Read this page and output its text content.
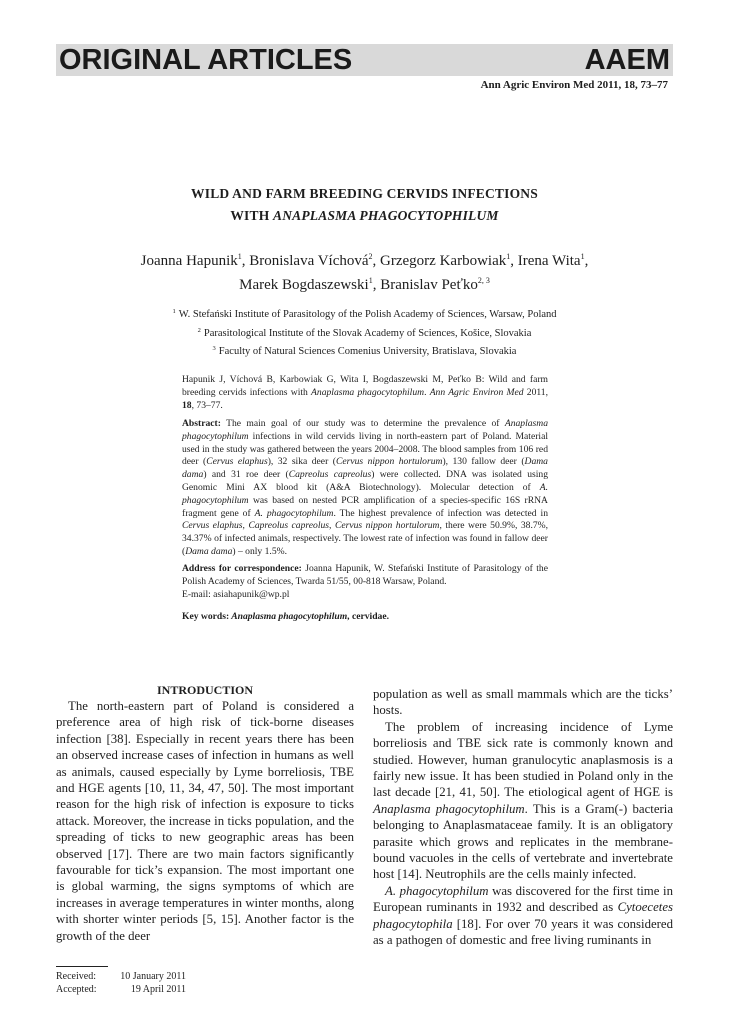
ORIGINAL ARTICLES	AAEM
Ann Agric Environ Med 2011, 18, 73–77
WILD AND FARM BREEDING CERVIDS INFECTIONS
WITH ANAPLASMA PHAGOCYTOPHILUM
Joanna Hapunik$^1$, Bronislava Víchová$^2$, Grzegorz Karbowiak$^1$, Irena Wita$^1$,
Marek Bogdaszewski$^1$, Branislav Peťko$^{2, 3}$
$^1$ W. Stefański Institute of Parasitology of the Polish Academy of Sciences, Warsaw, Poland
$^2$ Parasitological Institute of the Slovak Academy of Sciences, Košice, Slovakia
$^3$ Faculty of Natural Sciences Comenius University, Bratislava, Slovakia
Hapunik J, Víchová B, Karbowiak G, Wita I, Bogdaszewski M, Peťko B: Wild and farm breeding cervids infections with Anaplasma phagocytophilum. Ann Agric Environ Med 2011, 18, 73–77.
Abstract: The main goal of our study was to determine the prevalence of Anaplasma phagocytophilum infections in wild cervids living in north-eastern part of Poland. Material used in the study was gathered between the years 2004–2008. The blood samples from 106 red deer (Cervus elaphus), 32 sika deer (Cervus nippon hortulorum), 130 fallow deer (Dama dama) and 31 roe deer (Capreolus capreolus) were collected. DNA was isolated using Genomic Mini AX blood kit (A&A Biotechnology). Molecular detection of A. phagocytophilum was based on nested PCR amplification of a species-specific 16S rRNA fragment gene of A. phagocytophilum. The highest prevalence of infection was detected in Cervus elaphus, Capreolus capreolus, Cervus nippon hortulorum, there were 50.9%, 38.7%, 34.37% of infected animals, respectively. The lowest rate of infection was found in fallow deer (Dama dama) – only 1.5%.
Address for correspondence: Joanna Hapunik, W. Stefański Institute of Parasitology of the Polish Academy of Sciences, Twarda 51/55, 00-818 Warsaw, Poland.
E-mail: asiahapunik@wp.pl
Key words: Anaplasma phagocytophilum, cervidae.
INTRODUCTION

The north-eastern part of Poland is considered a preference area of high risk of tick-borne diseases infection [38]. Especially in recent years there has been an observed increase cases of infection in humans as well as animals, caused especially by Lyme borreliosis, TBE and HGE agents [10, 11, 34, 47, 50]. The most important reason for the high risk of infection is exposure to ticks attack. Moreover, the increase in ticks population, and the spreading of ticks to new geographic areas has been observed [17]. There are two main factors significantly favourable for tick’s expansion. The most important one is global warming, the signs symptoms of which are increases in average temperatures in winter months, along with shorter winter periods [5, 15]. Another factor is the growth of the deer

population as well as small mammals which are the ticks’ hosts.

The problem of increasing incidence of Lyme borreliosis and TBE sick rate is commonly known and studied. However, human granulocytic anaplasmosis is a fairly new issue. It has been studied in Poland only in the last decade [21, 41, 50]. The etiological agent of HGE is Anaplasma phagocytophilum. This is a Gram(-) bacteria belonging to Anaplasmataceae family. It is an obligatory parasite which grows and replicates in the membrane-bound vacuoles in the cells of vertebrate and invertebrate host [14]. Neutrophils are the cells mainly infected.

A. phagocytophilum was discovered for the first time in European ruminants in 1932 and described as Cytoecetes phagocytophila [18]. For over 70 years it was considered as a pathogen of domestic and free living ruminants in

Received:	10 January 2011
Accepted:	19 April 2011
